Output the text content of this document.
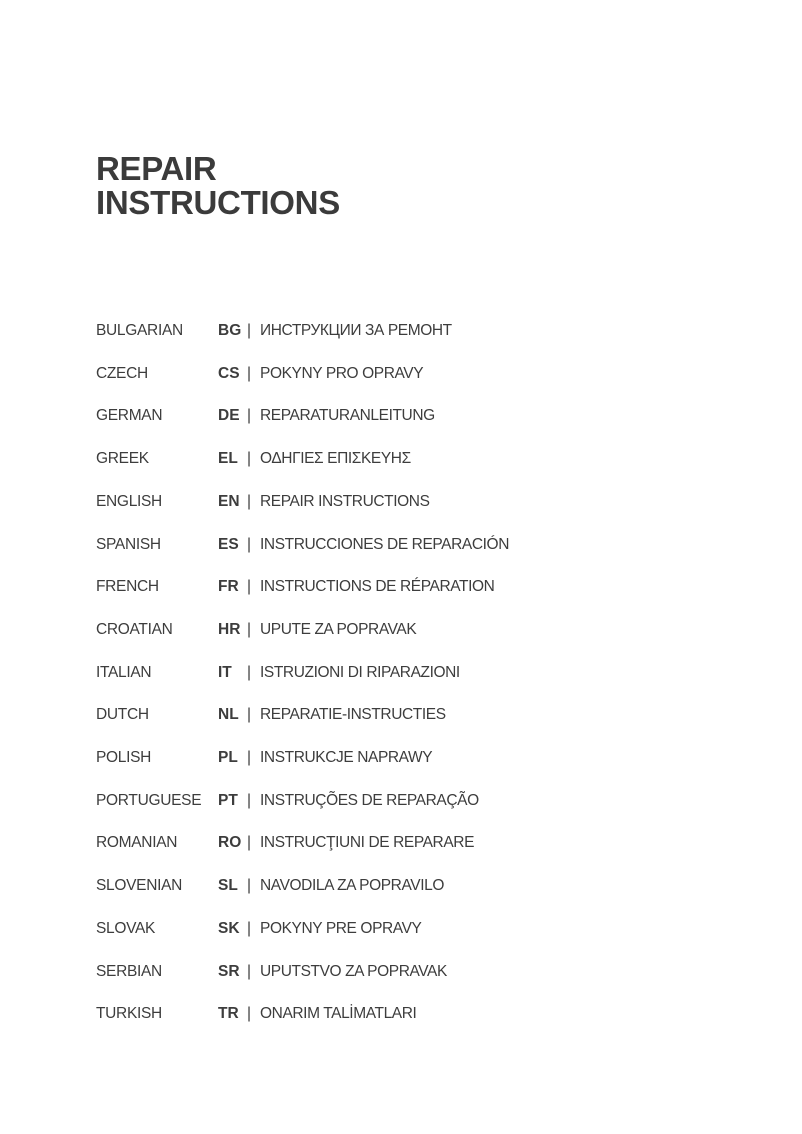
REPAIR
INSTRUCTIONS
BULGARIAN BG | ИНСТРУКЦИИ ЗА РЕМОНТ
CZECH	CS | POKYNY PRO OPRAVY
GERMAN	DE | REPARATURANLEITUNG
GREEK	EL | ΟΔΗΓΙΕΣ ΕΠΙΣΚΕΥΗΣ
ENGLISH	EN | REPAIR INSTRUCTIONS
SPANISH	ES | INSTRUCCIONES DE REPARACIÓN
FRENCH	FR | INSTRUCTIONS DE RÉPARATION
CROATIAN	HR | UPUTE ZA POPRAVAK
ITALIAN	IT | ISTRUZIONI DI RIPARAZIONI
DUTCH	NL | REPARATIE-INSTRUCTIES
POLISH	PL | INSTRUKCJE NAPRAWY
PORTUGUESE PT | INSTRUÇÕES DE REPARAÇÃO
ROMANIAN	RO | INSTRUCŢIUNI DE REPARARE
SLOVENIAN SL | NAVODILA ZA POPRAVILO
SLOVAK	SK | POKYNY PRE OPRAVY
SERBIAN	SR | UPUTSTVO ZA POPRAVAK
TURKISH	TR | ONARIM TALİMATLARI
